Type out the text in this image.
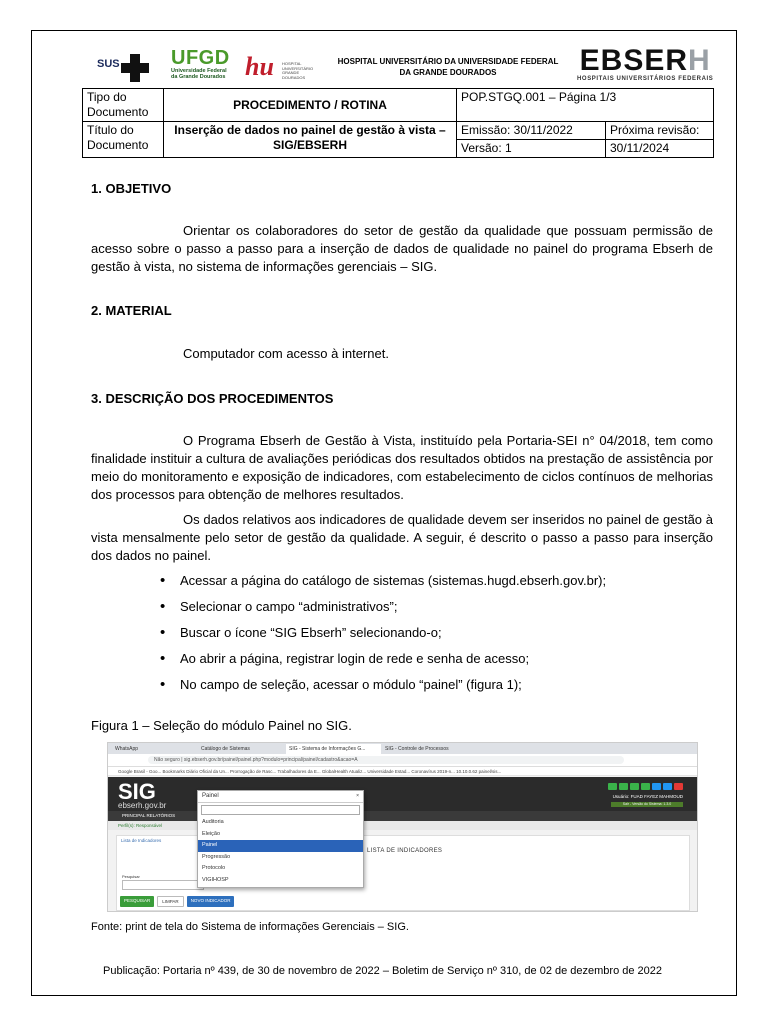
SUS	UFGD
Universidade Federal
da Grande Dourados hu HOSPITAL
UNIVERSITÁRIO
GRANDE
DOURADOS
HOSPITAL UNIVERSITÁRIO DA UNIVERSIDADE FEDERAL
DA GRANDE DOURADOS	EBSERH
HOSPITAIS UNIVERSITÁRIOS FEDERAIS
Tipo do Documento	PROCEDIMENTO / ROTINA	POP.STGQ.001 – Página 1/3	
Título do Documento	Inserção de dados no painel de gestão à vista – SIG/EBSERH	Emissão: 30/11/2022	Próxima revisão:
		Versão: 1	30/11/2024
1. OBJETIVO
Orientar os colaboradores do setor de gestão da qualidade que possuam permissão de acesso sobre o passo a passo para a inserção de dados de qualidade no painel do programa Ebserh de gestão à vista, no sistema de informações gerenciais – SIG.
2. MATERIAL
Computador com acesso à internet.
3. DESCRIÇÃO DOS PROCEDIMENTOS
O Programa Ebserh de Gestão à Vista, instituído pela Portaria-SEI n° 04/2018, tem como finalidade instituir a cultura de avaliações periódicas dos resultados obtidos na prestação de assistência por meio do monitoramento e exposição de indicadores, com estabelecimento de ciclos contínuos de melhorias dos processos para obtenção de melhores resultados.
Os dados relativos aos indicadores de qualidade devem ser inseridos no painel de gestão à vista mensalmente pelo setor de gestão da qualidade. A seguir, é descrito o passo a passo para inserção dos dados no painel.
• Acessar a página do catálogo de sistemas (sistemas.hugd.ebserh.gov.br);
• Selecionar o campo “administrativos”;
• Buscar o ícone “SIG Ebserh” selecionando-o;
• Ao abrir a página, registrar login de rede e senha de acesso;
• No campo de seleção, acessar o módulo “painel” (figura 1);
Figura 1 – Seleção do módulo Painel no SIG.
WhatsApp	Catálogo de Sistemas	SIG - Sistema de Informações G...	SIG - Controle de Processos
Não seguro | sig.ebserh.gov.br/painel/painel.php?modulo=principal/painel/cadastro&acao=A
Google Brasil - Goo... Bookmarks Diário Oficial da Un... Prorrogação de Rasc... Trabalhadores da E... GlobalHealth Atualiz... Universidade Estad... Coronavírus 2019-n... 10.10.0.62 painel/sis...
SIG
ebserh.gov.br
Usuário: FUAD FAYEZ MAHMOUD
Sair - Versão do Sistema: 1.3.0
PRINCIPAL RELATÓRIOS
Perfil(s): Responsável
Lista de Indicadores
LISTA DE INDICADORES
Pesquisar
PESQUISAR	LIMPAR	NOVO INDICADOR
Painel	×
Auditoria
Eleição
Painel
Progressão
Protocolo
VIGIHOSP
Fonte: print de tela do Sistema de informações Gerenciais – SIG.
Publicação: Portaria nº 439, de 30 de novembro de 2022 – Boletim de Serviço nº 310, de 02 de dezembro de 2022
